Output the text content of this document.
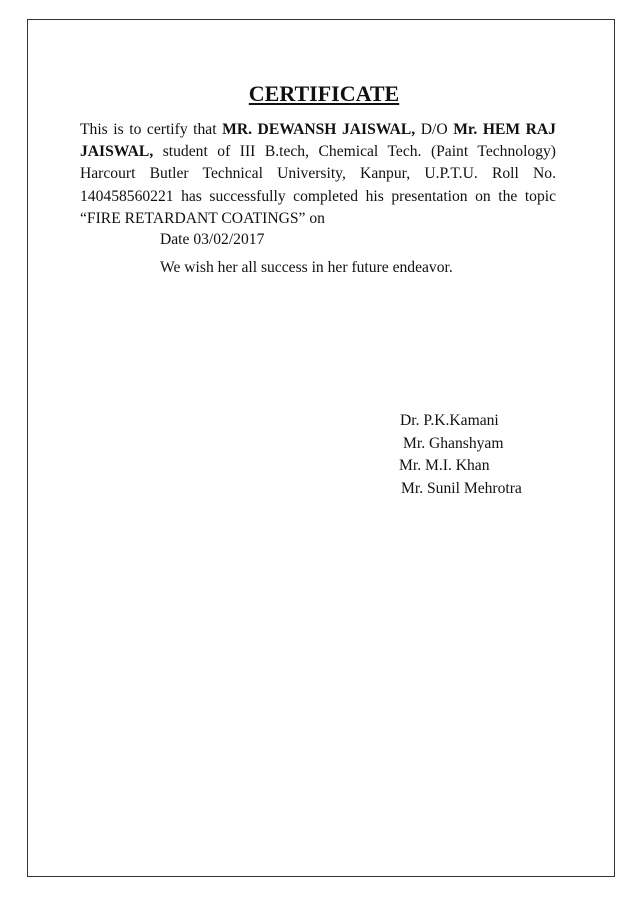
CERTIFICATE
This is to certify that MR. DEWANSH JAISWAL, D/O Mr. HEM RAJ JAISWAL, student of III B.tech, Chemical Tech. (Paint Technology) Harcourt Butler Technical University, Kanpur, U.P.T.U. Roll No. 140458560221 has successfully completed his presentation on the topic “FIRE RETARDANT COATINGS” on
Date 03/02/2017
We wish her all success in her future endeavor.
Dr. P.K.Kamani
Mr. Ghanshyam
Mr. M.I. Khan
Mr. Sunil Mehrotra
